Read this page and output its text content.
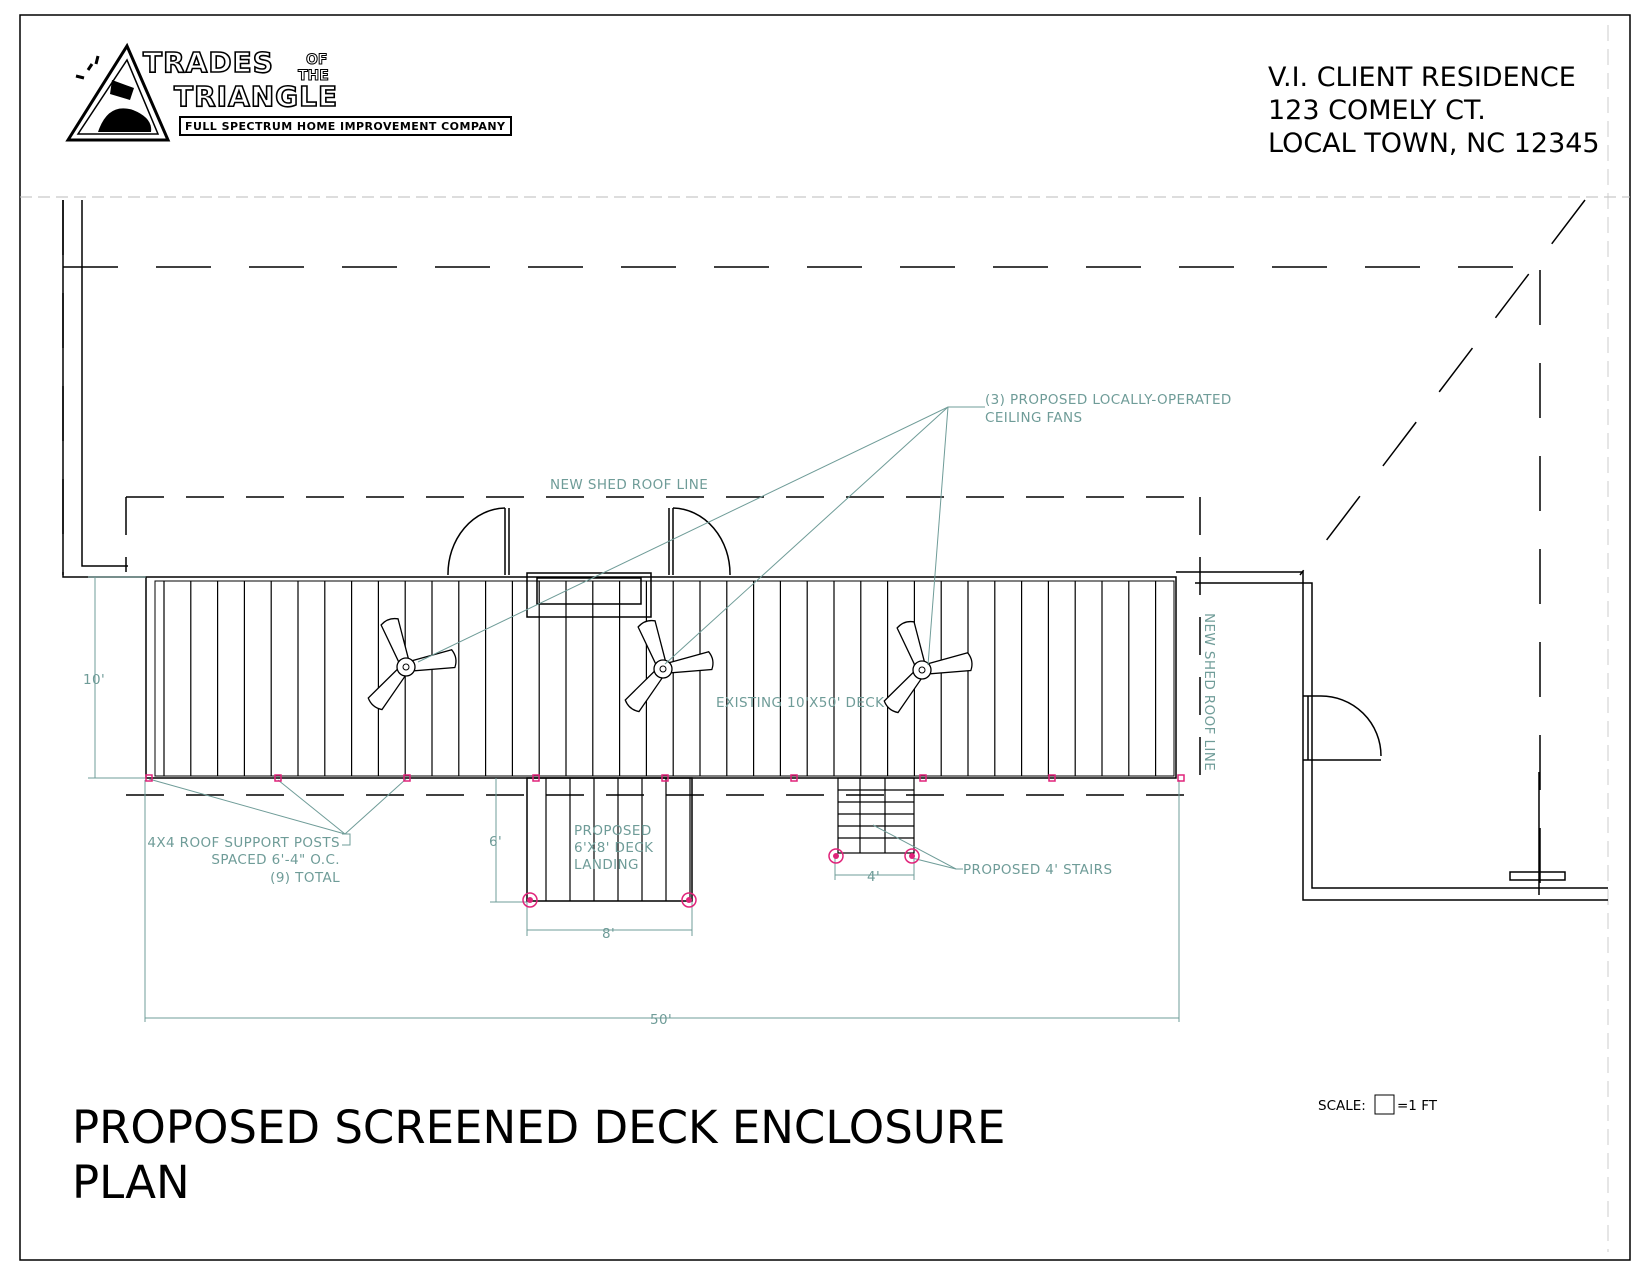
TRADES OF
THE
TRIANGLE
FULL SPECTRUM HOME IMPROVEMENT COMPANY
V.I. CLIENT RESIDENCE
123 COMELY CT.
LOCAL TOWN, NC 12345
(3) PROPOSED LOCALLY-OPERATED
CEILING FANS
NEW SHED ROOF LINE
NEW SHED ROOF LINE
EXISTING 10'X50' DECK
4X4 ROOF SUPPORT POSTS
SPACED 6'-4" O.C.
(9) TOTAL
PROPOSED
6'X8' DECK
LANDING	PROPOSED 4' STAIRS
10'
6'
8'
4'
50'
SCALE: =1 FT
PROPOSED SCREENED DECK ENCLOSURE
PLAN
